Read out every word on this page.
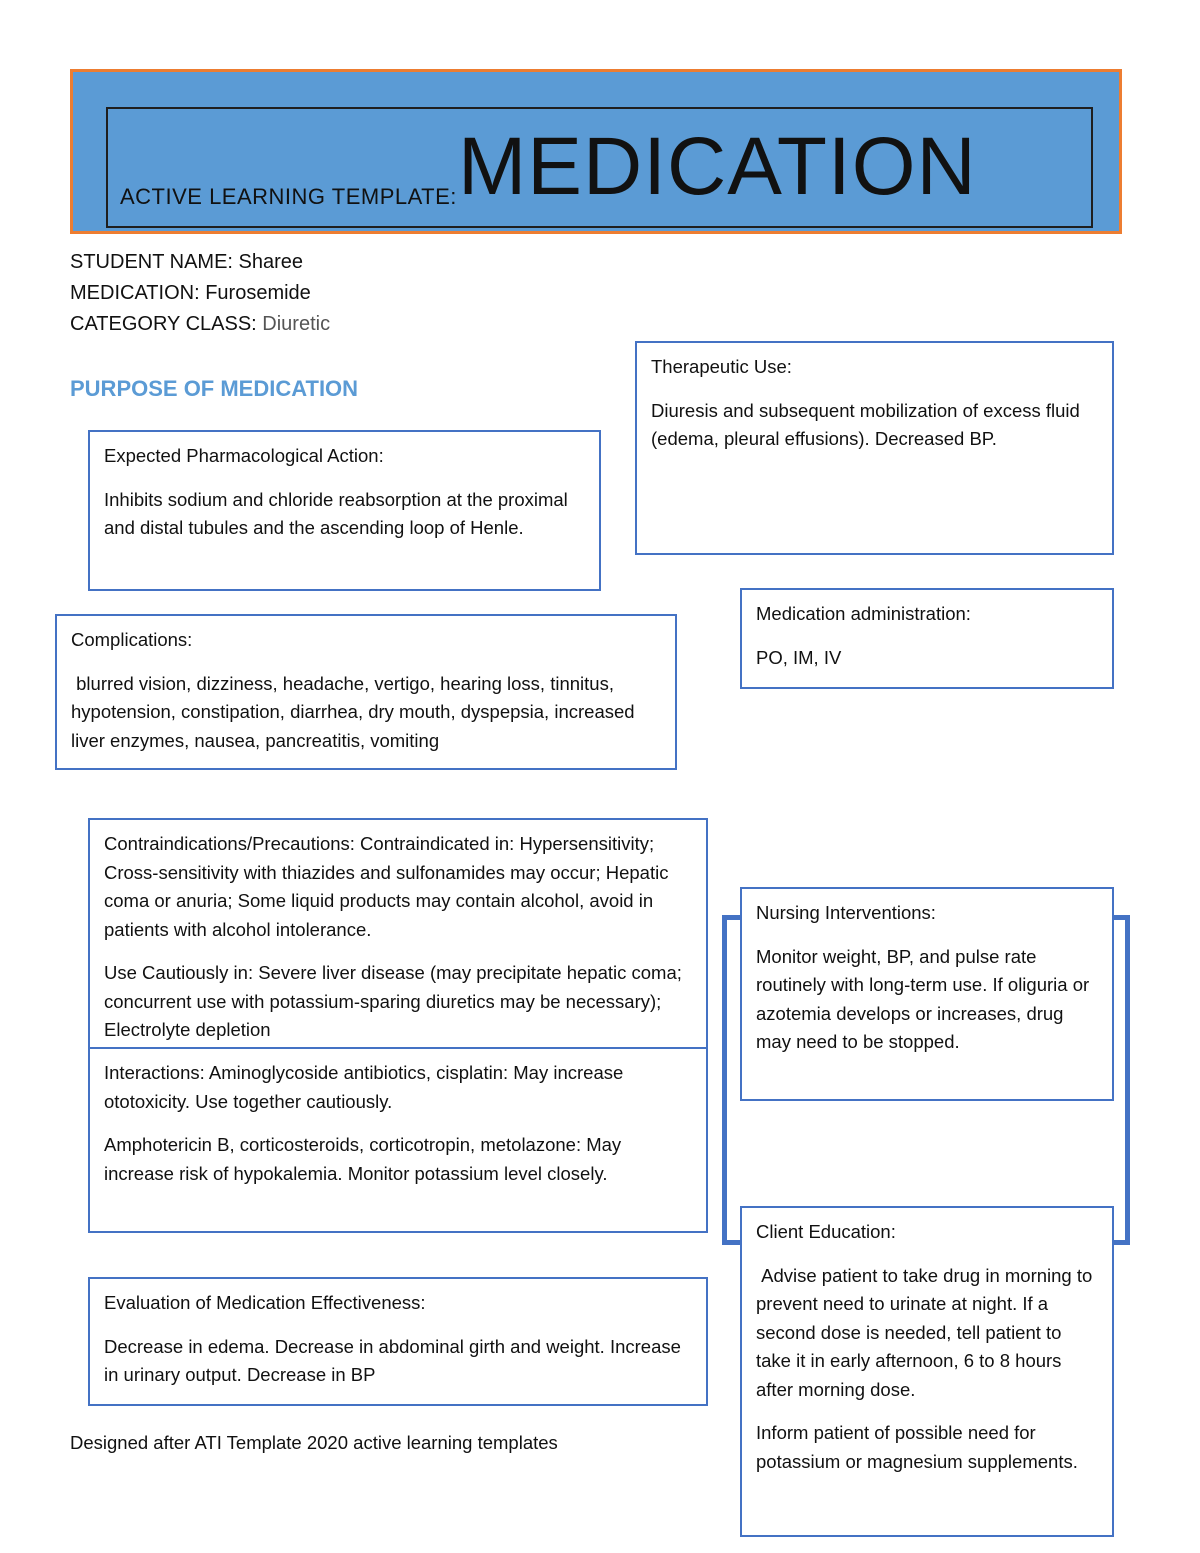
ACTIVE LEARNING TEMPLATE: MEDICATION
STUDENT NAME: Sharee
MEDICATION: Furosemide
CATEGORY CLASS: Diuretic
PURPOSE OF MEDICATION

Therapeutic Use:

Diuresis and subsequent mobilization of excess fluid (edema, pleural effusions). Decreased BP.

Expected Pharmacological Action:

Inhibits sodium and chloride reabsorption at the proximal and distal tubules and the ascending loop of Henle.

Medication administration:

PO, IM, IV

Complications:

blurred vision, dizziness, headache, vertigo, hearing loss, tinnitus, hypotension, constipation, diarrhea, dry mouth, dyspepsia, increased liver enzymes, nausea, pancreatitis, vomiting

Contraindications/Precautions: Contraindicated in: Hypersensitivity; Cross-sensitivity with thiazides and sulfonamides may occur; Hepatic coma or anuria; Some liquid products may contain alcohol, avoid in patients with alcohol intolerance.

Use Cautiously in: Severe liver disease (may precipitate hepatic coma; concurrent use with potassium-sparing diuretics may be necessary); Electrolyte depletion

Interactions: Aminoglycoside antibiotics, cisplatin: May increase ototoxicity. Use together cautiously.

Amphotericin B, corticosteroids, corticotropin, metolazone: May increase risk of hypokalemia. Monitor potassium level closely.

Nursing Interventions:

Monitor weight, BP, and pulse rate routinely with long-term use. If oliguria or azotemia develops or increases, drug may need to be stopped.

Client Education:

Advise patient to take drug in morning to prevent need to urinate at night. If a second dose is needed, tell patient to take it in early afternoon, 6 to 8 hours after morning dose.

Inform patient of possible need for potassium or magnesium supplements.

Evaluation of Medication Effectiveness:

Decrease in edema. Decrease in abdominal girth and weight. Increase in urinary output. Decrease in BP

Designed after ATI Template 2020 active learning templates
